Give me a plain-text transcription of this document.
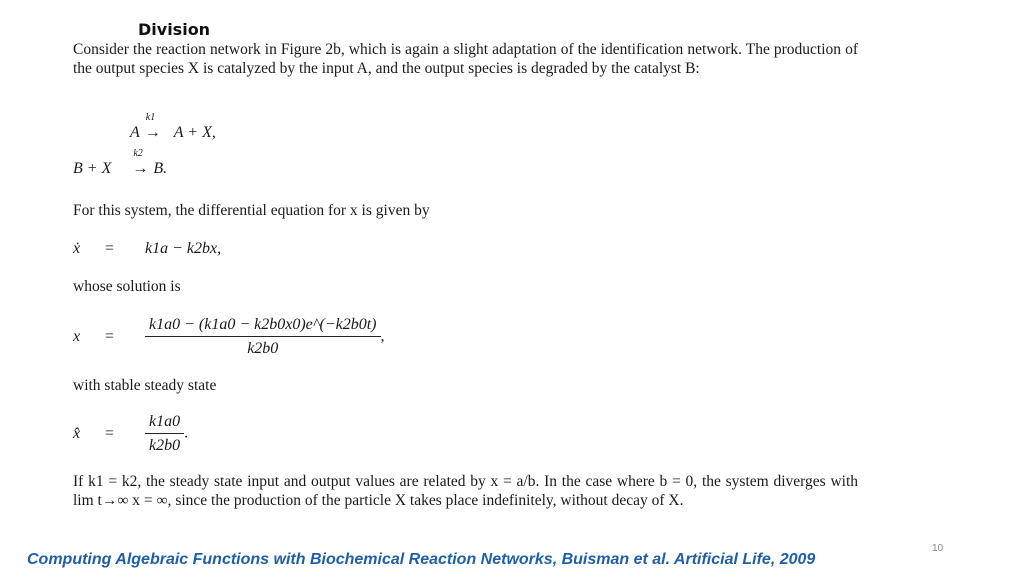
Division
Consider the reaction network in Figure 2b, which is again a slight adaptation of the identification network. The production of the output species X is catalyzed by the input A, and the output species is degraded by the catalyst B:
A
k1
→ A + X,
B + X
k2
→ B.
For this system, the differential equation for x is given by
ẋ = k1a − k2bx,
whose solution is
$x = \frac{k1a0 - (k1a0 - k2b0x0)e\^{}(-k2b0t)}{k2b0}$ ,
with stable steady state
x̂ = $\frac{k1a0}{k2b0}$ .
If k1 = k2, the steady state input and output values are related by x = a/b. In the case where b = 0, the system diverges with lim t→∞ x = ∞, since the production of the particle X takes place indefinitely, without decay of X.
10
Computing Algebraic Functions with Biochemical Reaction Networks, Buisman et al. Artificial Life, 2009
